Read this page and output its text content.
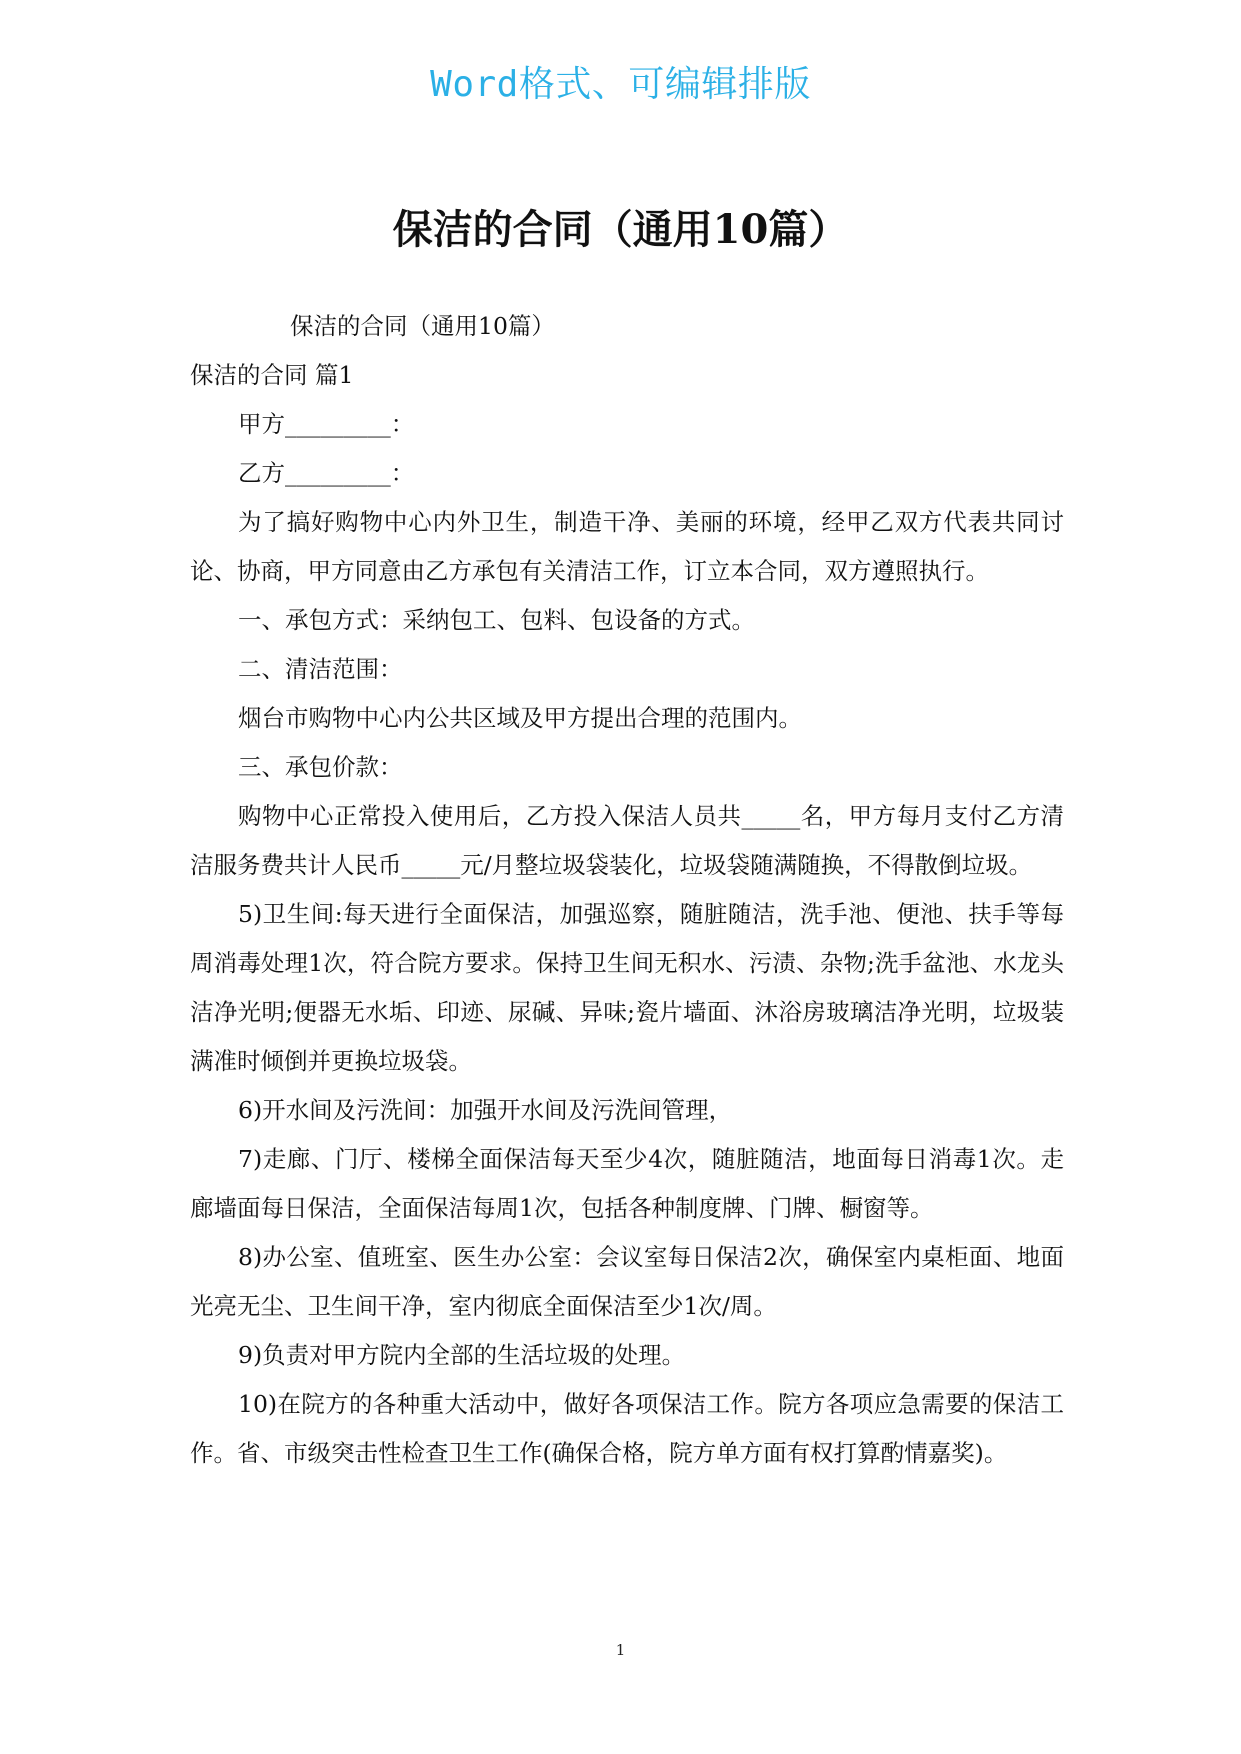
Word格式、可编辑排版
保洁的合同（通用10篇）

保洁的合同（通用10篇）

保洁的合同 篇1

甲方_________：

乙方_________：

为了搞好购物中心内外卫生，制造干净、美丽的环境，经甲乙双方代表共同讨论、协商，甲方同意由乙方承包有关清洁工作，订立本合同，双方遵照执行。

一、承包方式：采纳包工、包料、包设备的方式。

二、清洁范围：

烟台市购物中心内公共区域及甲方提出合理的范围内。

三、承包价款：

购物中心正常投入使用后，乙方投入保洁人员共_____名，甲方每月支付乙方清洁服务费共计人民币_____元/月整垃圾袋装化，垃圾袋随满随换，不得散倒垃圾。

5)卫生间:每天进行全面保洁，加强巡察，随脏随洁，洗手池、便池、扶手等每周消毒处理1次，符合院方要求。保持卫生间无积水、污渍、杂物;洗手盆池、水龙头洁净光明;便器无水垢、印迹、尿碱、异味;瓷片墙面、沐浴房玻璃洁净光明，垃圾装满准时倾倒并更换垃圾袋。

6)开水间及污洗间：加强开水间及污洗间管理，

7)走廊、门厅、楼梯全面保洁每天至少4次，随脏随洁，地面每日消毒1次。走廊墙面每日保洁，全面保洁每周1次，包括各种制度牌、门牌、橱窗等。

8)办公室、值班室、医生办公室：会议室每日保洁2次，确保室内桌柜面、地面光亮无尘、卫生间干净，室内彻底全面保洁至少1次/周。

9)负责对甲方院内全部的生活垃圾的处理。

10)在院方的各种重大活动中，做好各项保洁工作。院方各项应急需要的保洁工作。省、市级突击性检查卫生工作(确保合格，院方单方面有权打算酌情嘉奖)。

1
